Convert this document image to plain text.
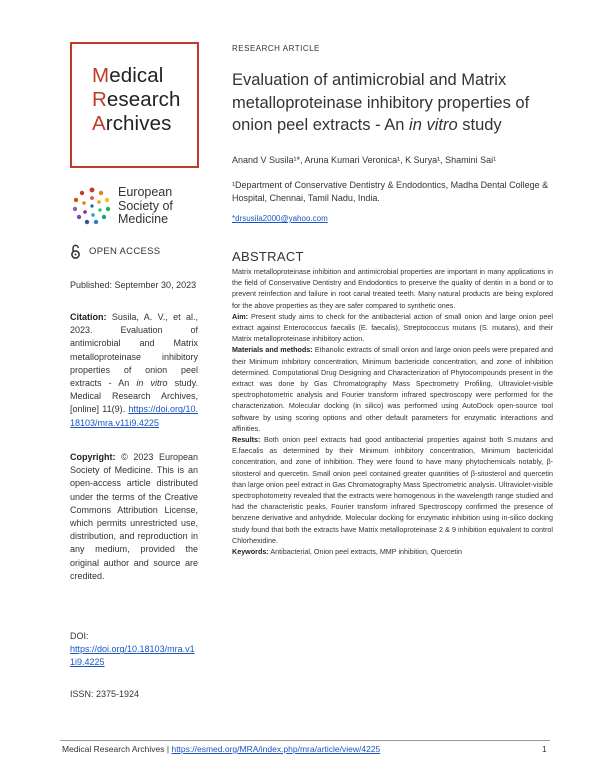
Medical
Research
Archives
European
Society of
Medicine
OPEN ACCESS
Published: September 30, 2023
Citation: Susila, A. V., et al., 2023. Evaluation of antimicrobial and Matrix metalloproteinase inhibitory properties of onion peel extracts - An in vitro study. Medical Research Archives, [online] 11(9). https://doi.org/10.18103/mra.v11i9.4225
Copyright: © 2023 European Society of Medicine. This is an open-access article distributed under the terms of the Creative Commons Attribution License, which permits unrestricted use, distribution, and reproduction in any medium, provided the original author and source are credited.
DOI:
https://doi.org/10.18103/mra.v11i9.4225
ISSN: 2375-1924
RESEARCH ARTICLE
Evaluation of antimicrobial and Matrix metalloproteinase inhibitory properties of onion peel extracts - An in vitro study
Anand V Susila¹*, Aruna Kumari Veronica¹, K Surya¹, Shamini Sai¹
¹Department of Conservative Dentistry & Endodontics, Madha Dental College & Hospital, Chennai, Tamil Nadu, India.
*drsusila2000@yahoo.com
ABSTRACT

Matrix metalloproteinase inhibition and antimicrobial properties are important in many applications in the field of Conservative Dentistry and Endodontics to preserve the quality of dentin in a bond or to prevent reinfection and failure in root canal treated teeth. Many natural products are being explored for the above properties as they are safer compared to synthetic ones.

Aim: Present study aims to check for the antibacterial action of small onion and large onion peel extract against Enterococcus faecalis (E. faecalis), Streptococcus mutans (S. mutans), and their Matrix metalloproteinase inhibitory action.

Materials and methods: Ethanolic extracts of small onion and large onion peels were prepared and their Minimum inhibitory concentration, Minimum bactericide concentration, and zone of inhibition determined. Computational Drug Designing and Characterization of Phytocompounds present in the extract was done by Gas Chromatography Mass Spectrometry Profiling, Ultraviolet-visible spectrophotometric analysis and Fourier transform infrared spectroscopy were performed for the characterization. Molecular docking (in silico) was performed using AutoDock open-source tool software by using scoring options and other default parameters for enzymatic interactions and affinities.

Results: Both onion peel extracts had good antibacterial properties against both S.mutans and E.faecalis as determined by their Minimum inhibitory concentration, Minimum bactericidal concentration, and zone of inhibition. They were found to have many phytochemicals notably, β-sitosterol and quercetin. Small onion peel contained greater quantities of β-sitosterol and quercetin than large onion peel extract in Gas Chromatography Mass Spectrometric analysis. Ultraviolet-visible spectrophotometry revealed that the extracts were homogenous in the wavelength range studied and had the characteristic peaks. Fourier transform infrared Spectroscopy confirmed the presence of benzene derivative and anhydride. Molecular docking for enzymatic inhibition using in-silico docking study found that both the extracts have Matrix metalloproteinase 2 & 9 inhibition equivalent to control Chlorhexidine.

Keywords: Antibacterial, Onion peel extracts, MMP inhibition, Quercetin

Medical Research Archives | https://esmed.org/MRA/index.php/mra/article/view/4225	1
